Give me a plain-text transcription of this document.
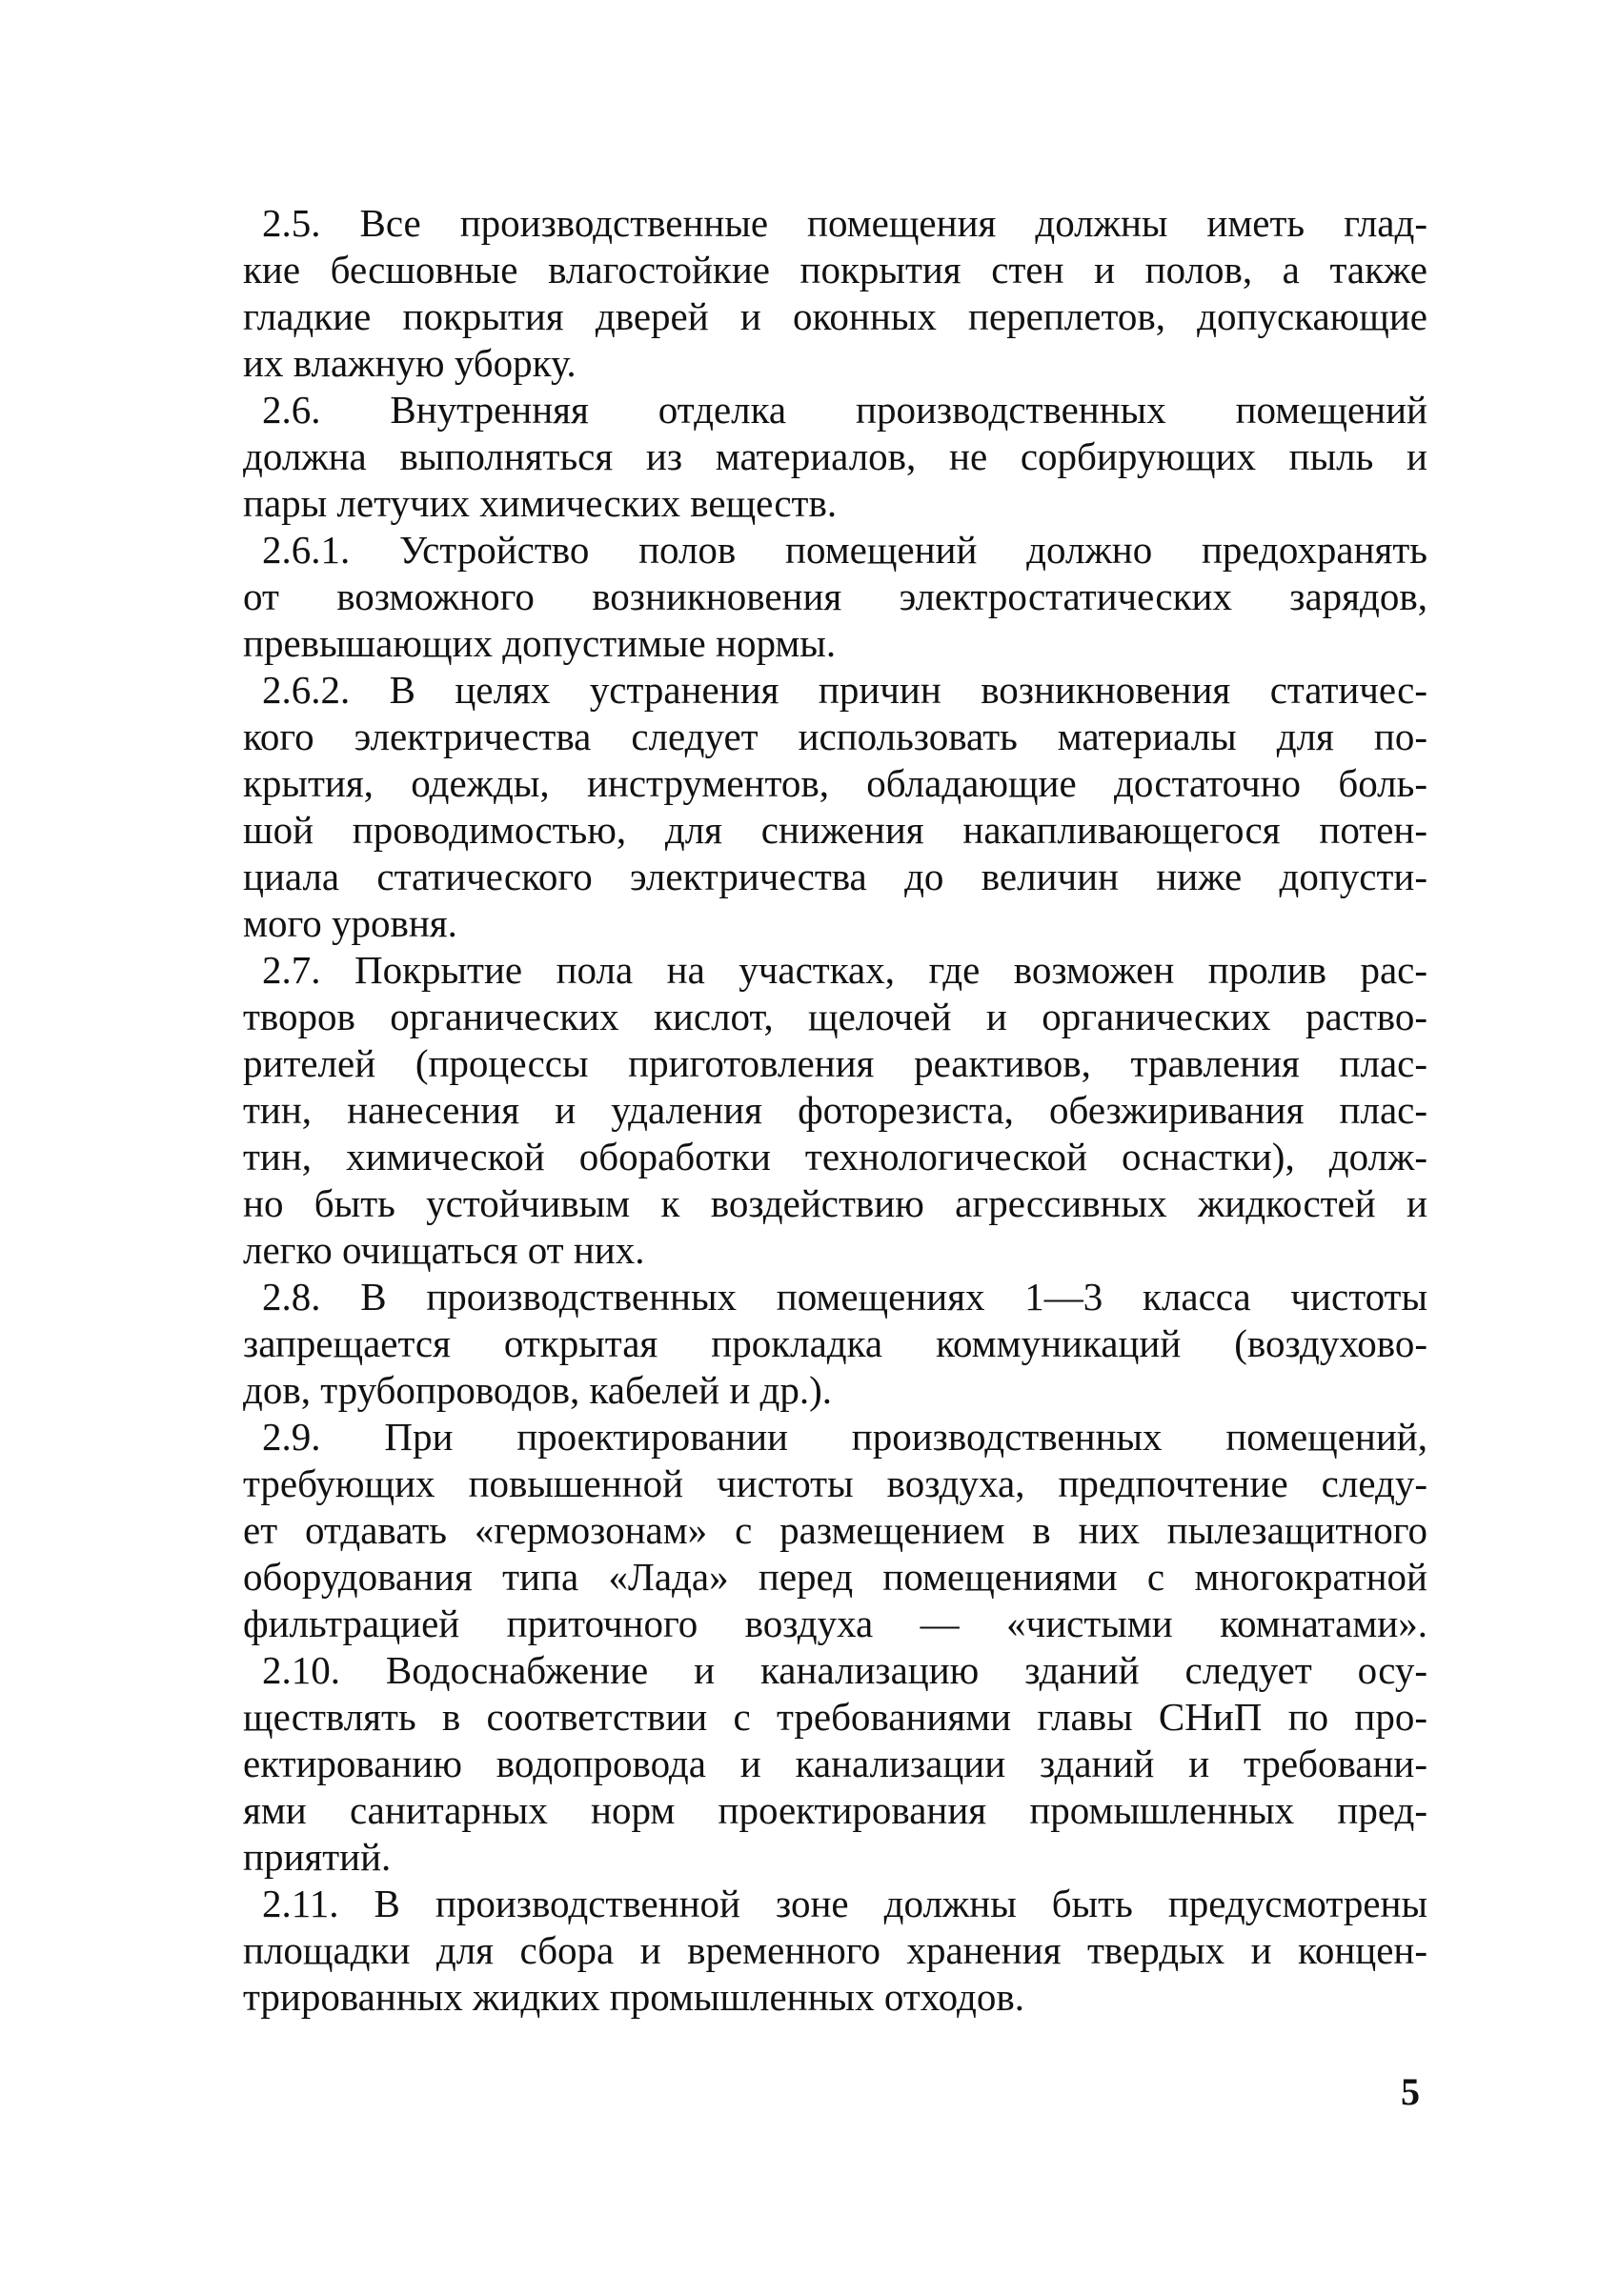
2.5. Все производственные помещения должны иметь глад-
кие бесшовные влагостойкие покрытия стен и полов, а также
гладкие покрытия дверей и оконных переплетов, допускающие
их влажную уборку.
2.6. Внутренняя отделка производственных помещений
должна выполняться из материалов, не сорбирующих пыль и
пары летучих химических веществ.
2.6.1. Устройство полов помещений должно предохранять
от возможного возникновения электростатических зарядов,
превышающих допустимые нормы.
2.6.2. В целях устранения причин возникновения статичес-
кого электричества следует использовать материалы для по-
крытия, одежды, инструментов, обладающие достаточно боль-
шой проводимостью, для снижения накапливающегося потен-
циала статического электричества до величин ниже допусти-
мого уровня.
2.7. Покрытие пола на участках, где возможен пролив рас-
творов органических кислот, щелочей и органических раство-
рителей (процессы приготовления реактивов, травления плас-
тин, нанесения и удаления фоторезиста, обезжиривания плас-
тин, химической оборaботки технологической оснастки), долж-
но быть устойчивым к воздействию агрессивных жидкостей и
легко очищаться от них.
2.8. В производственных помещениях 1—3 класса чистоты
запрещается открытая прокладка коммуникаций (воздухово-
дов, трубопроводов, кабелей и др.).
2.9. При проектировании производственных помещений,
требующих повышенной чистоты воздуха, предпочтение следу-
ет отдавать «гермозонам» с размещением в них пылезащитного
оборудования типа «Лада» перед помещениями с многократной
фильтрацией приточного воздуха — «чистыми комнатами».
2.10. Водоснабжение и канализацию зданий следует осу-
ществлять в соответствии с требованиями главы СНиП по про-
ектированию водопровода и канализации зданий и требовани-
ями санитарных норм проектирования промышленных пред-
приятий.
2.11. В производственной зоне должны быть предусмотрены
площадки для сбора и временного хранения твердых и концен-
трированных жидких промышленных отходов.
5
